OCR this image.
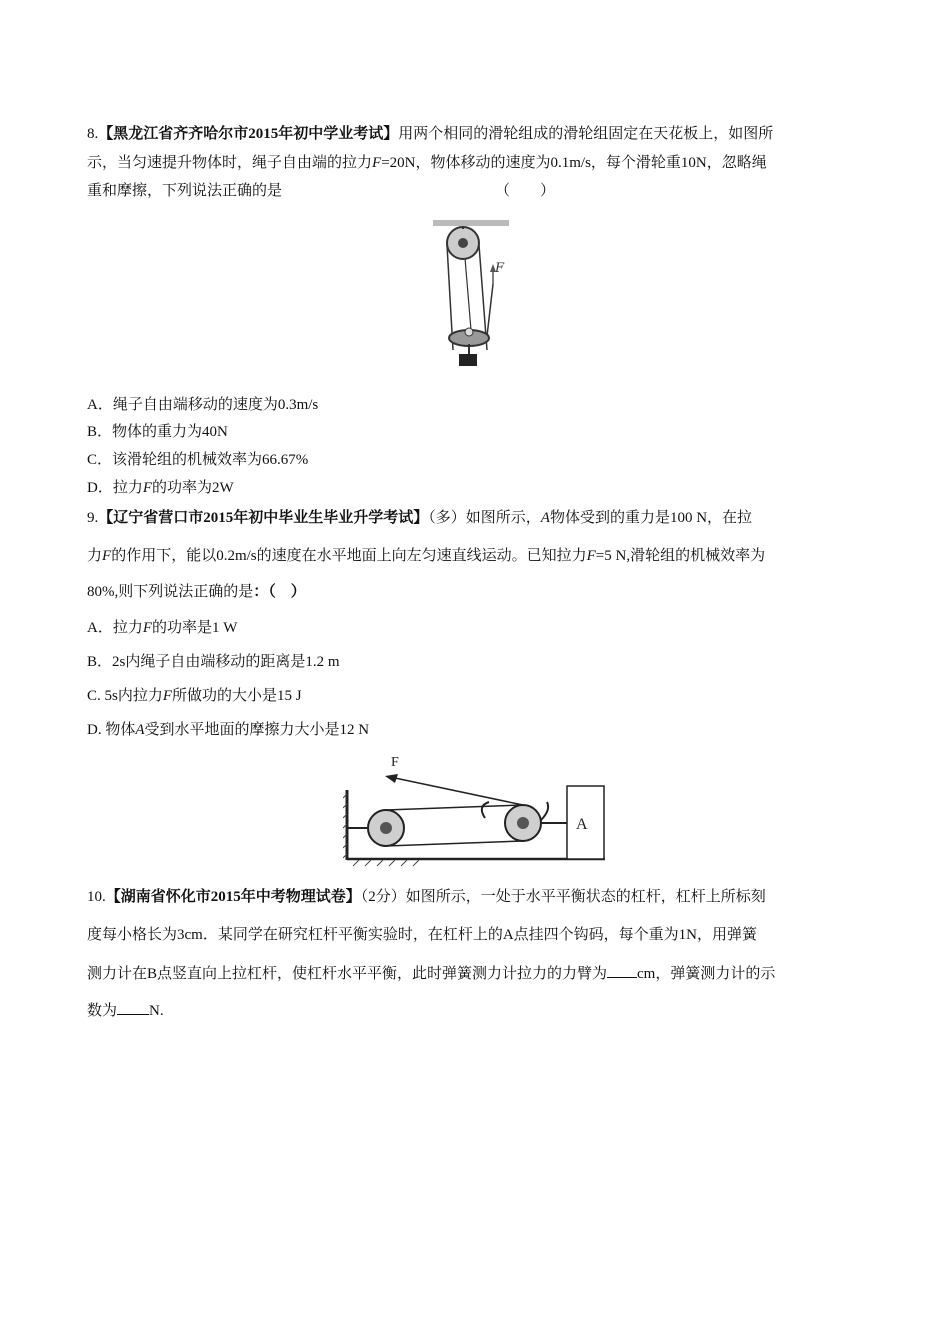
8.【黑龙江省齐齐哈尔市2015年初中学业考试】用两个相同的滑轮组成的滑轮组固定在天花板上，如图所
示，当匀速提升物体时，绳子自由端的拉力F=20N，物体移动的速度为0.1m/s，每个滑轮重10N，忽略绳
重和摩擦，下列说法正确的是	（　　）
F
A．绳子自由端移动的速度为0.3m/s
B．物体的重力为40N
C．该滑轮组的机械效率为66.67%
D．拉力F的功率为2W
9.【辽宁省营口市2015年初中毕业生毕业升学考试】（多）如图所示，A物体受到的重力是100 N，在拉
力F的作用下，能以0.2m/s的速度在水平地面上向左匀速直线运动。已知拉力F=5 N,滑轮组的机械效率为
80%,则下列说法正确的是：（　）
A．拉力F的功率是1 W
B．2s内绳子自由端移动的距离是1.2 m
C. 5s内拉力F所做功的大小是15 J
D. 物体A受到水平地面的摩擦力大小是12 N
F
A
10.【湖南省怀化市2015年中考物理试卷】（2分）如图所示，一处于水平平衡状态的杠杆，杠杆上所标刻
度每小格长为3cm．某同学在研究杠杆平衡实验时，在杠杆上的A点挂四个钩码，每个重为1N，用弹簧
测力计在B点竖直向上拉杠杆，使杠杆水平平衡，此时弹簧测力计拉力的力臂为 cm，弹簧测力计的示
数为 N.
